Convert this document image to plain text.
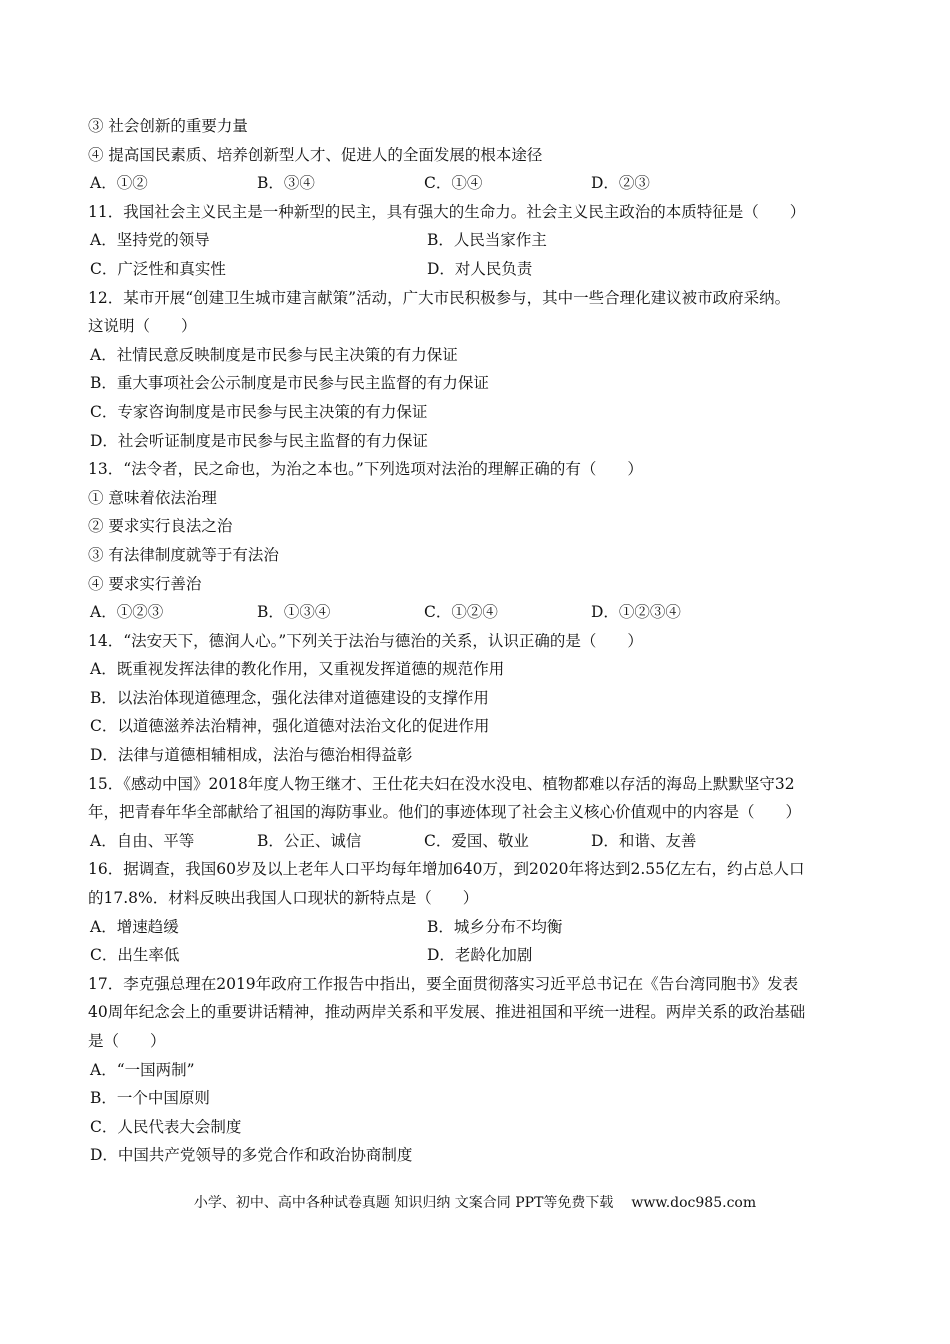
③ 社会创新的重要力量
④ 提高国民素质、培养创新型人才、促进人的全面发展的根本途径
A．①②	B．③④	C．①④	D．②③
11．我国社会主义民主是一种新型的民主，具有强大的生命力。社会主义民主政治的本质特征是（　　）
A．坚持党的领导	B．人民当家作主
C．广泛性和真实性	D．对人民负责
12．某市开展“创建卫生城市建言献策”活动，广大市民积极参与，其中一些合理化建议被市政府采纳。
这说明（　　）
A．社情民意反映制度是市民参与民主决策的有力保证
B．重大事项社会公示制度是市民参与民主监督的有力保证
C．专家咨询制度是市民参与民主决策的有力保证
D．社会听证制度是市民参与民主监督的有力保证
13．“法令者，民之命也，为治之本也。”下列选项对法治的理解正确的有（　　）
① 意味着依法治理
② 要求实行良法之治
③ 有法律制度就等于有法治
④ 要求实行善治
A．①②③	B．①③④	C．①②④	D．①②③④
14．“法安天下，德润人心。”下列关于法治与德治的关系，认识正确的是（　　）
A．既重视发挥法律的教化作用，又重视发挥道德的规范作用
B．以法治体现道德理念，强化法律对道德建设的支撑作用
C．以道德滋养法治精神，强化道德对法治文化的促进作用
D．法律与道德相辅相成，法治与德治相得益彰
15．《感动中国》2018年度人物王继才、王仕花夫妇在没水没电、植物都难以存活的海岛上默默坚守32
年，把青春年华全部献给了祖国的海防事业。他们的事迹体现了社会主义核心价值观中的内容是（　　）
A．自由、平等	B．公正、诚信	C．爱国、敬业	D．和谐、友善
16．据调查，我国60岁及以上老年人口平均每年增加640万，到2020年将达到2.55亿左右，约占总人口
的17.8%．材料反映出我国人口现状的新特点是（　　）
A．增速趋缓	B．城乡分布不均衡
C．出生率低	D．老龄化加剧
17．李克强总理在2019年政府工作报告中指出，要全面贯彻落实习近平总书记在《告台湾同胞书》发表
40周年纪念会上的重要讲话精神，推动两岸关系和平发展、推进祖国和平统一进程。两岸关系的政治基础
是（　　）
A．“一国两制”
B．一个中国原则
C．人民代表大会制度
D．中国共产党领导的多党合作和政治协商制度
小学、初中、高中各种试卷真题 知识归纳 文案合同 PPT等免费下载 www.doc985.com
